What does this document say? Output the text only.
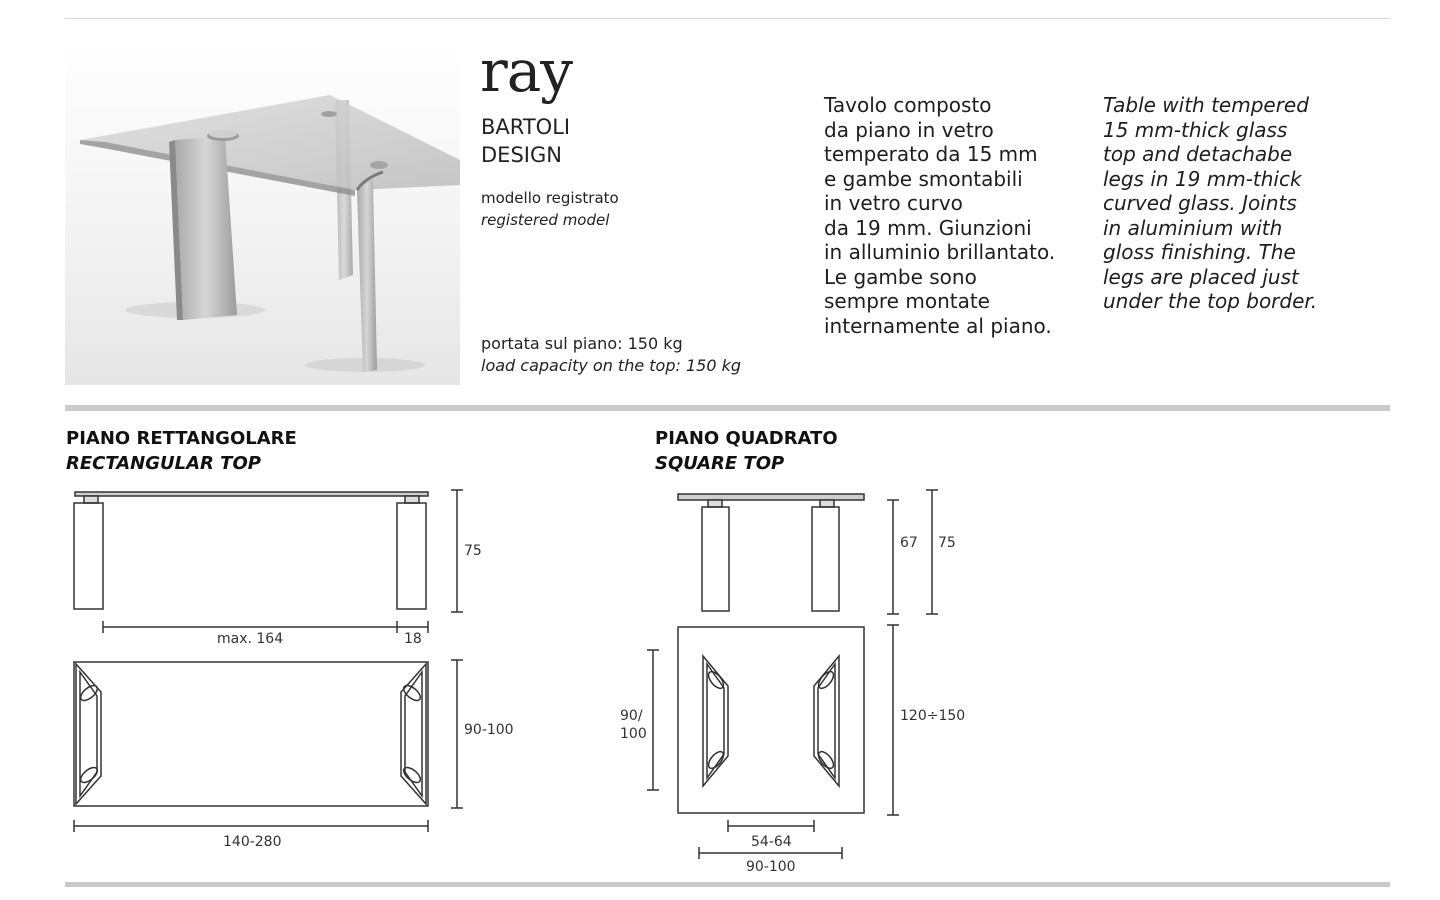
ray
BARTOLI
DESIGN
modello registrato
registered model
portata sul piano: 150 kg
load capacity on the top: 150 kg
Tavolo composto
da piano in vetro
temperato da 15 mm
e gambe smontabili
in vetro curvo
da 19 mm. Giunzioni
in alluminio brillantato.
Le gambe sono
sempre montate
internamente al piano.
Table with tempered
15 mm-thick glass
top and detachabe
legs in 19 mm-thick
curved glass. Joints
in aluminium with
gloss finishing. The
legs are placed just
under the top border.
PIANO RETTANGOLARE
RECTANGULAR TOP
PIANO QUADRATO
SQUARE TOP
75
max. 164	18
90-100
140-280
67 75
90/
100
120÷150
54-64
90-100
